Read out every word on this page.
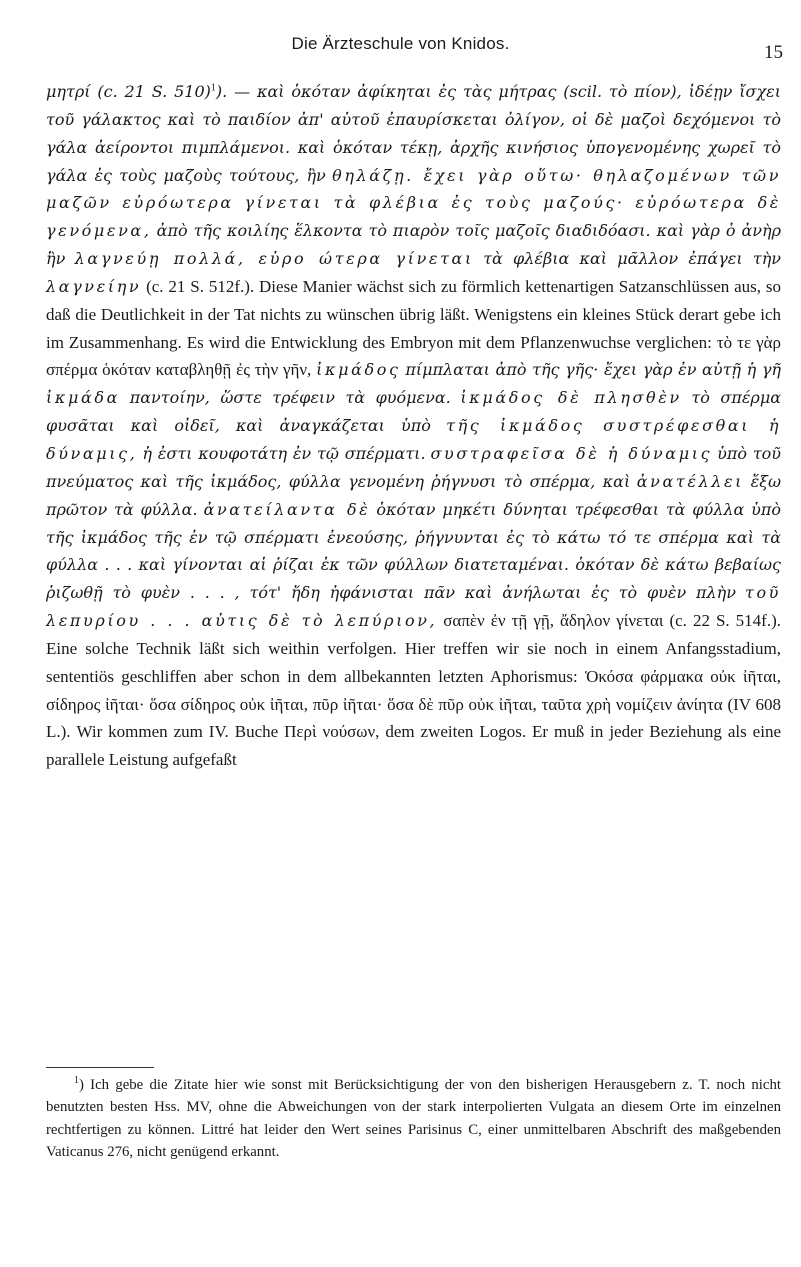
Die Ärzteschule von Knidos.	15

μητρί (c. 21 S. 510)$^1$). — καὶ ὁκόταν ἀφίκηται ἐς τὰς μήτρας (scil. τὸ πίον), ἰδέῃν ἴσχει τοῦ γάλακτος καὶ τὸ παιδίον ἀπ' αὐτοῦ ἐπαυρίσκεται ὀλίγον, οἱ δὲ μαζοὶ δεχόμενοι τὸ γάλα ἀείροντοι πιμπλάμενοι. καὶ ὁκόταν τέκῃ, ἀρχῆς κινήσιος ὑπογενομένης χωρεῖ τὸ γάλα ἐς τοὺς μαζοὺς τούτους, ἢν θηλάζῃ. ἔχει γὰρ οὕτω· θηλαζομένων τῶν μαζῶν εὐρόωτερα γίνεται τὰ φλέβια ἐς τοὺς μαζούς· εὐρόωτερα δὲ γενόμενα, ἀπὸ τῆς κοιλίης ἕλκοντα τὸ πιαρὸν τοῖς μαζοῖς διαδιδόασι. καὶ γὰρ ὁ ἀνὴρ ἢν λαγνεύῃ πολλά, εὐρο ώτερα γίνεται τὰ φλέβια καὶ μᾶλλον ἐπάγει τὴν λαγνείην (c. 21 S. 512f.). Diese Manier wächst sich zu förmlich kettenartigen Satzanschlüssen aus, so daß die Deutlichkeit in der Tat nichts zu wünschen übrig läßt. Wenigstens ein kleines Stück derart gebe ich im Zusammenhang. Es wird die Entwicklung des Embryon mit dem Pflanzenwuchse verglichen: τὸ τε γὰρ σπέρμα ὁκόταν καταβληθῇ ἐς τὴν γῆν, ἰκμάδος πίμπλαται ἀπὸ τῆς γῆς· ἔχει γὰρ ἐν αὐτῇ ἡ γῆ ἰκμάδα παντοίην, ὥστε τρέφειν τὰ φυόμενα. ἰκμάδος δὲ πλησθὲν τὸ σπέρμα φυσᾶται καὶ οἰδεῖ, καὶ ἀναγκάζεται ὑπὸ τῆς ἰκμάδος συστρέφεσθαι ἡ δύναμις, ἡ ἐστι κουφοτάτη ἐν τῷ σπέρματι. συστραφεῖσα δὲ ἡ δύναμις ὑπὸ τοῦ πνεύματος καὶ τῆς ἰκμάδος, φύλλα γενομένη ῥήγνυσι τὸ σπέρμα, καὶ ἀνατέλλει ἔξω πρῶτον τὰ φύλλα. ἀνατείλαντα δὲ ὁκόταν μηκέτι δύνηται τρέφεσθαι τὰ φύλλα ὑπὸ τῆς ἰκμάδος τῆς ἐν τῷ σπέρματι ἐνεούσης, ῥήγνυνται ἐς τὸ κάτω τό τε σπέρμα καὶ τὰ φύλλα . . . καὶ γίνονται αἱ ῥίζαι ἐκ τῶν φύλλων διατεταμέναι. ὁκόταν δὲ κάτω βεβαίως ῥιζωθῇ τὸ φυὲν . . . , τότ' ἤδη ἠφάνισται πᾶν καὶ ἀνήλωται ἐς τὸ φυὲν πλὴν τοῦ λεπυρίου . . . αὐτις δὲ τὸ λεπύριον, σαπὲν ἐν τῇ γῇ, ἄδηλον γίνεται (c. 22 S. 514f.). Eine solche Technik läßt sich weithin verfolgen. Hier treffen wir sie noch in einem Anfangsstadium, sententiös geschliffen aber schon in dem allbekannten letzten Aphorismus: Ὁκόσα φάρμακα οὐκ ἰῆται, σίδηρος ἰῆται· ὅσα σίδηρος οὐκ ἰῆται, πῦρ ἰῆται· ὅσα δὲ πῦρ οὐκ ἰῆται, ταῦτα χρὴ νομίζειν ἀνίητα (IV 608 L.). Wir kommen zum IV. Buche Περὶ νούσων, dem zweiten Logos. Er muß in jeder Beziehung als eine parallele Leistung aufgefaßt

$^1$) Ich gebe die Zitate hier wie sonst mit Berücksichtigung der von den bisherigen Herausgebern z. T. noch nicht benutzten besten Hss. MV, ohne die Abweichungen von der stark interpolierten Vulgata an diesem Orte im einzelnen rechtfertigen zu können. Littré hat leider den Wert seines Parisinus C, einer unmittelbaren Abschrift des maßgebenden Vaticanus 276, nicht genügend erkannt.
